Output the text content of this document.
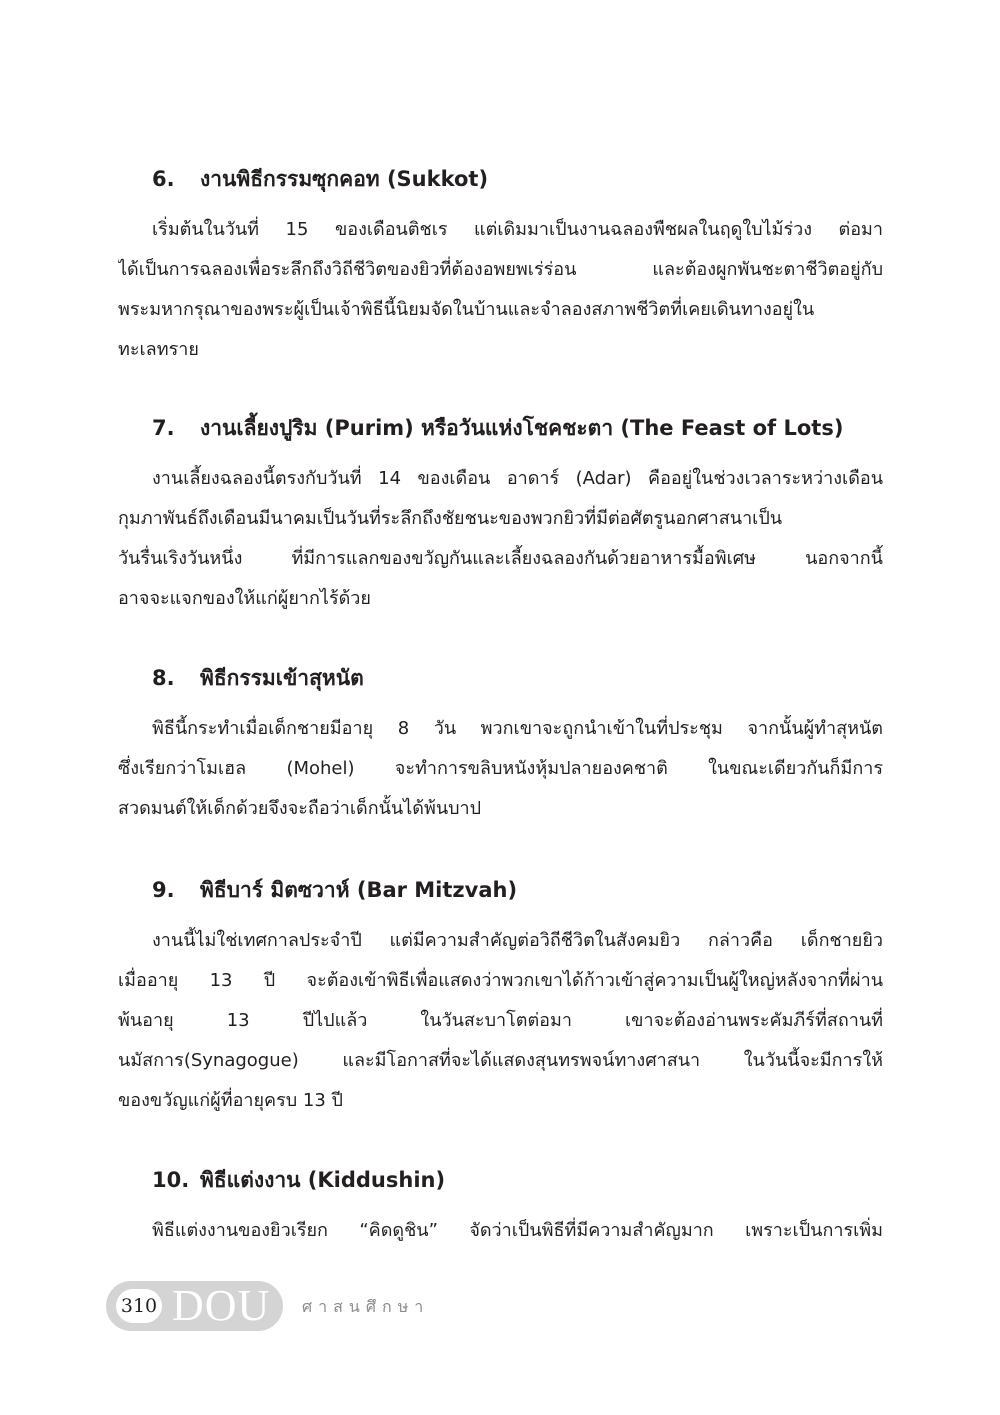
6. งานพิธีกรรมซุกคอท (Sukkot)
เริ่มต้นในวันที่ 15 ของเดือนติชเร แต่เดิมมาเป็นงานฉลองพืชผลในฤดูใบไม้ร่วง ต่อมา
ได้เป็นการฉลองเพื่อระลึกถึงวิถีชีวิตของยิวที่ต้องอพยพเร่ร่อน และต้องผูกพันชะตาชีวิตอยู่กับ
พระมหากรุณาของพระผู้เป็นเจ้าพิธีนี้นิยมจัดในบ้านและจำลองสภาพชีวิตที่เคยเดินทางอยู่ใน
ทะเลทราย
7. งานเลี้ยงปูริม (Purim) หรือวันแห่งโชคชะตา (The Feast of Lots)
งานเลี้ยงฉลองนี้ตรงกับวันที่ 14 ของเดือน อาดาร์ (Adar) คืออยู่ในช่วงเวลาระหว่างเดือน
กุมภาพันธ์ถึงเดือนมีนาคมเป็นวันที่ระลึกถึงชัยชนะของพวกยิวที่มีต่อศัตรูนอกศาสนาเป็น
วันรื่นเริงวันหนึ่ง ที่มีการแลกของขวัญกันและเลี้ยงฉลองกันด้วยอาหารมื้อพิเศษ นอกจากนี้
อาจจะแจกของให้แก่ผู้ยากไร้ด้วย
8. พิธีกรรมเข้าสุหนัต
พิธีนี้กระทำเมื่อเด็กชายมีอายุ 8 วัน พวกเขาจะถูกนำเข้าในที่ประชุม จากนั้นผู้ทำสุหนัต
ซึ่งเรียกว่าโมเฮล (Mohel) จะทำการขลิบหนังหุ้มปลายองคชาติ ในขณะเดียวกันก็มีการ
สวดมนต์ให้เด็กด้วยจึงจะถือว่าเด็กนั้นได้พ้นบาป
9. พิธีบาร์ มิตซวาห์ (Bar Mitzvah)
งานนี้ไม่ใช่เทศกาลประจำปี แต่มีความสำคัญต่อวิถีชีวิตในสังคมยิว กล่าวคือ เด็กชายยิว
เมื่ออายุ 13 ปี จะต้องเข้าพิธีเพื่อแสดงว่าพวกเขาได้ก้าวเข้าสู่ความเป็นผู้ใหญ่หลังจากที่ผ่าน
พ้นอายุ 13 ปีไปแล้ว ในวันสะบาโตต่อมา เขาจะต้องอ่านพระคัมภีร์ที่สถานที่
นมัสการ(Synagogue) และมีโอกาสที่จะได้แสดงสุนทรพจน์ทางศาสนา ในวันนี้จะมีการให้
ของขวัญแก่ผู้ที่อายุครบ 13 ปี
10. พิธีแต่งงาน (Kiddushin)
พิธีแต่งงานของยิวเรียก “คิดดูชิน” จัดว่าเป็นพิธีที่มีความสำคัญมาก เพราะเป็นการเพิ่ม
310 DOU ศาสนศึกษา
